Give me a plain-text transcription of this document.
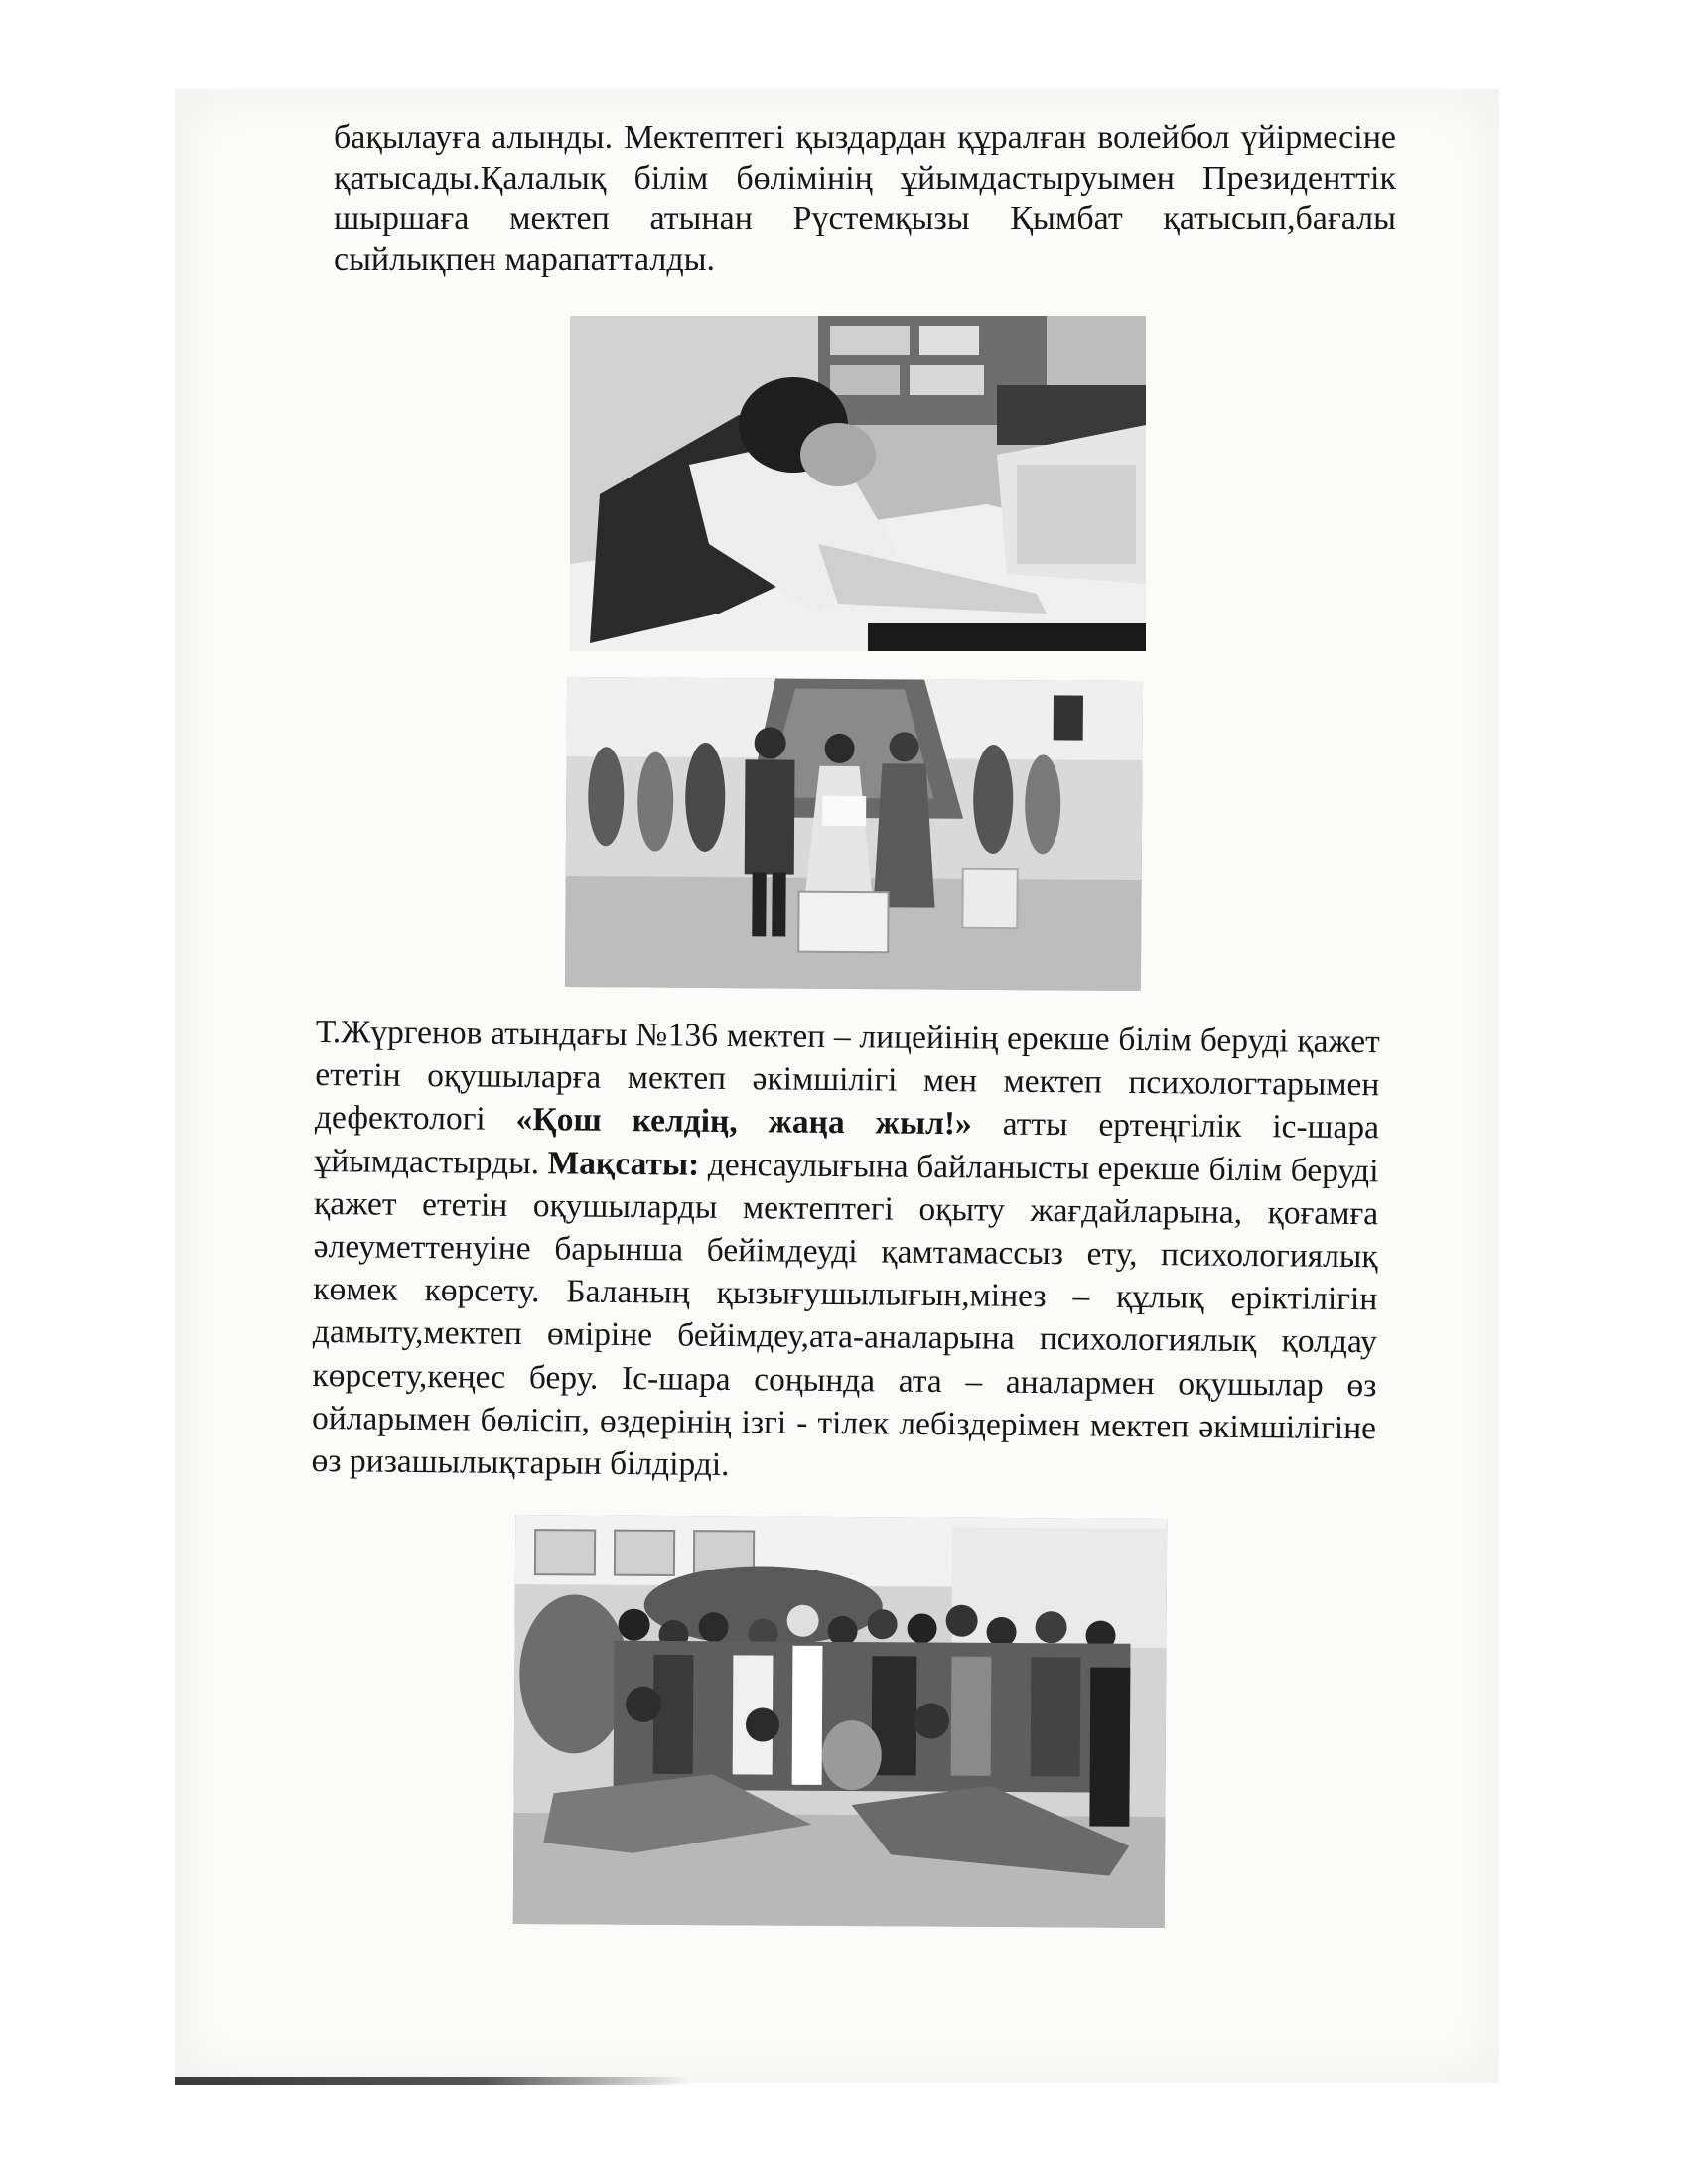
бақылауға алынды. Мектептегі қыздардан құралған волейбол үйірмесіне қатысады.Қалалық білім бөлімінің ұйымдастыруымен Президенттік шыршаға мектеп атынан Рүстемқызы Қымбат қатысып,бағалы сыйлықпен марапатталды.

Т.Жүргенов атындағы №136 мектеп – лицейінің ерекше білім беруді қажет ететін оқушыларға мектеп әкімшілігі мен мектеп психологтарымен дефектологі «Қош келдің, жаңа жыл!» атты ертеңгілік іс-шара ұйымдастырды. Мақсаты: денсаулығына байланысты ерекше білім беруді қажет ететін оқушыларды мектептегі оқыту жағдайларына, қоғамға әлеуметтенуіне барынша бейімдеуді қамтамассыз ету, психологиялық көмек көрсету. Баланың қызығушылығын,мінез – құлық еріктілігін дамыту,мектеп өміріне бейімдеу,ата-аналарына психологиялық қолдау көрсету,кеңес беру. Іс-шара соңында ата – аналармен оқушылар өз ойларымен бөлісіп, өздерінің ізгі - тілек лебіздерімен мектеп әкімшілігіне өз ризашылықтарын білдірді.
